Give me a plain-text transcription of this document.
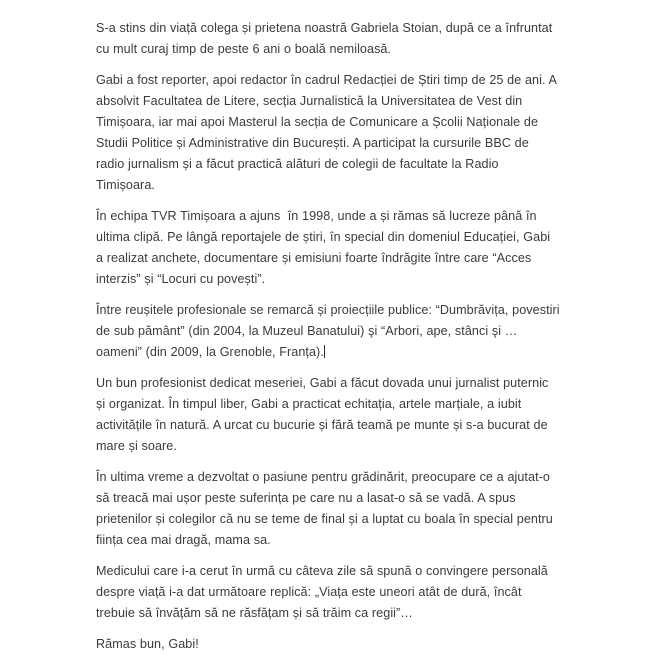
S-a stins din viață colega și prietena noastră Gabriela Stoian, după ce a înfruntat cu mult curaj timp de peste 6 ani o boală nemiloasă.

Gabi a fost reporter, apoi redactor în cadrul Redacției de Știri timp de 25 de ani. A absolvit Facultatea de Litere, secția Jurnalistică la Universitatea de Vest din Timișoara, iar mai apoi Masterul la secția de Comunicare a Școlii Naționale de Studii Politice și Administrative din București. A participat la cursurile BBC de radio jurnalism și a făcut practică alături de colegii de facultate la Radio Timișoara.

În echipa TVR Timișoara a ajuns  în 1998, unde a și rămas să lucreze până în ultima clipă. Pe lângă reportajele de știri, în special din domeniul Educației, Gabi a realizat anchete, documentare și emisiuni foarte îndrăgite între care “Acces interzis” și “Locuri cu povești”.

Între reușitele profesionale se remarcă și proiecțiile publice: “Dumbrăvița, povestiri de sub pământ” (din 2004, la Muzeul Banatului) şi “Arbori, ape, stânci şi … oameni” (din 2009, la Grenoble, Franța).

Un bun profesionist dedicat meseriei, Gabi a făcut dovada unui jurnalist puternic și organizat. În timpul liber, Gabi a practicat echitația, artele marțiale, a iubit activitățile în natură. A urcat cu bucurie și fără teamă pe munte și s-a bucurat de mare și soare.

În ultima vreme a dezvoltat o pasiune pentru grădinărit, preocupare ce a ajutat-o să treacă mai ușor peste suferința pe care nu a lasat-o să se vadă. A spus prietenilor și colegilor că nu se teme de final și a luptat cu boala în special pentru ființa cea mai dragă, mama sa.

Medicului care i-a cerut în urmă cu câteva zile să spună o convingere personală despre viață i-a dat următoare replică: „Viața este uneori atât de dură, încât trebuie să învățăm să ne răsfățam și să trăim ca regii”…

Rămas bun, Gabi!
